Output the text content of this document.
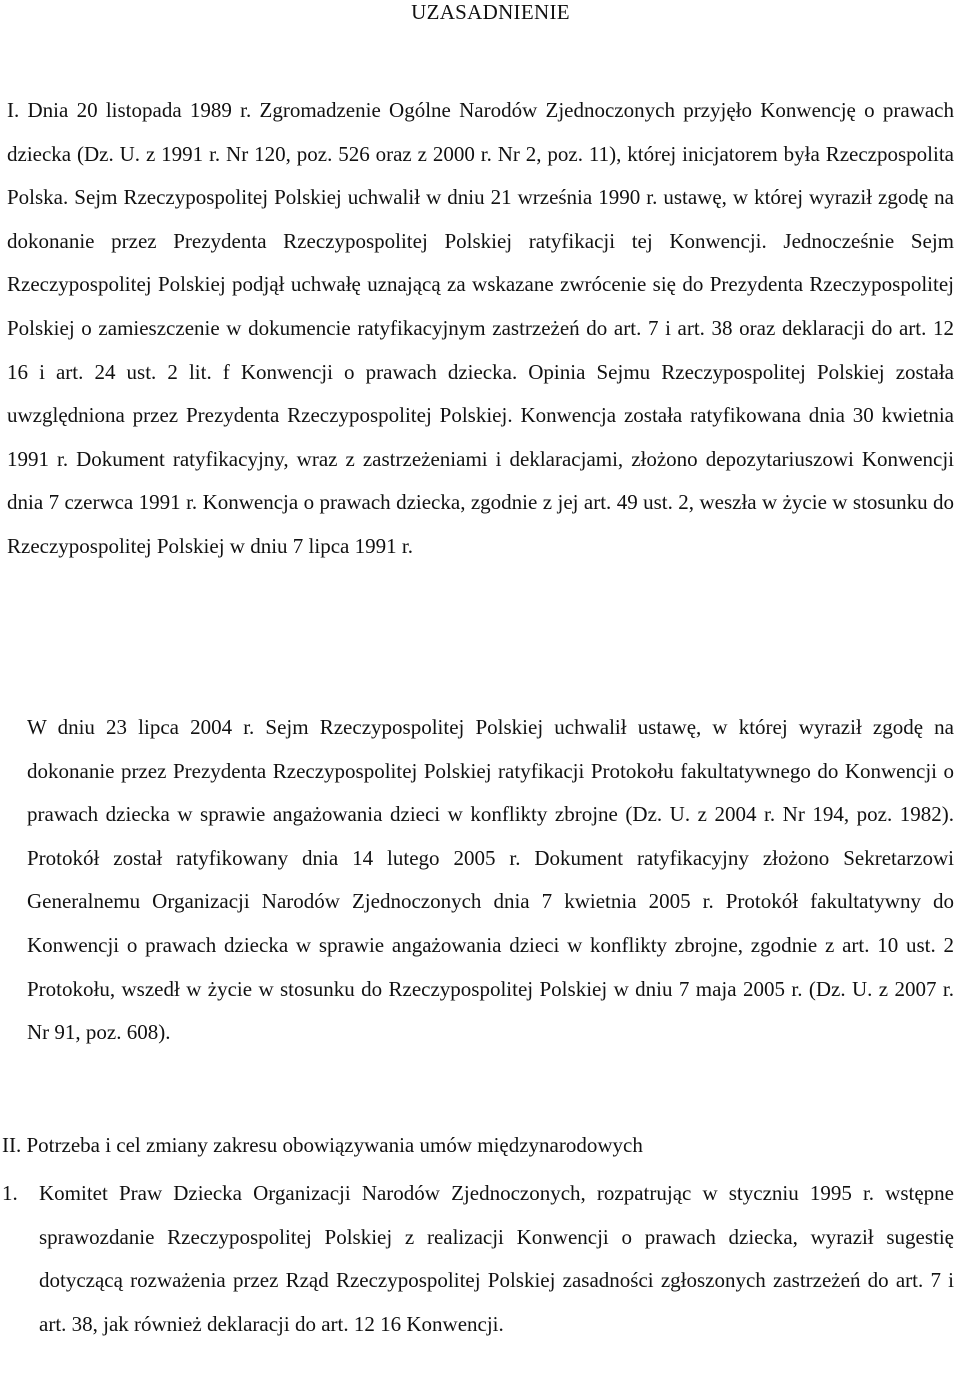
UZASADNIENIE

I. Dnia 20 listopada 1989 r. Zgromadzenie Ogólne Narodów Zjednoczonych przyjęło Konwencję o prawach dziecka (Dz. U. z 1991 r. Nr 120, poz. 526 oraz z 2000 r. Nr 2, poz. 11), której inicjatorem była Rzeczpospolita Polska. Sejm Rzeczypospolitej Polskiej uchwalił w dniu 21 września 1990 r. ustawę, w której wyraził zgodę na dokonanie przez Prezydenta Rzeczypospolitej Polskiej ratyfikacji tej Konwencji. Jednocześnie Sejm Rzeczypospolitej Polskiej podjął uchwałę uznającą za wskazane zwrócenie się do Prezydenta Rzeczypospolitej Polskiej o zamieszczenie w dokumencie ratyfikacyjnym zastrzeżeń do art. 7 i art. 38 oraz deklaracji do art. 12 16 i art. 24 ust. 2 lit. f Konwencji o prawach dziecka. Opinia Sejmu Rzeczypospolitej Polskiej została uwzględniona przez Prezydenta Rzeczypospolitej Polskiej. Konwencja została ratyfikowana dnia 30 kwietnia 1991 r. Dokument ratyfikacyjny, wraz z zastrzeżeniami i deklaracjami, złożono depozytariuszowi Konwencji dnia 7 czerwca 1991 r. Konwencja o prawach dziecka, zgodnie z jej art. 49 ust. 2, weszła w życie w stosunku do Rzeczypospolitej Polskiej w dniu 7 lipca 1991 r.

W dniu 23 lipca 2004 r. Sejm Rzeczypospolitej Polskiej uchwalił ustawę, w której wyraził zgodę na dokonanie przez Prezydenta Rzeczypospolitej Polskiej ratyfikacji Protokołu fakultatywnego do Konwencji o prawach dziecka w sprawie angażowania dzieci w konflikty zbrojne (Dz. U. z 2004 r. Nr 194, poz. 1982). Protokół został ratyfikowany dnia 14 lutego 2005 r. Dokument ratyfikacyjny złożono Sekretarzowi Generalnemu Organizacji Narodów Zjednoczonych dnia 7 kwietnia 2005 r. Protokół fakultatywny do Konwencji o prawach dziecka w sprawie angażowania dzieci w konflikty zbrojne, zgodnie z art. 10 ust. 2 Protokołu, wszedł w życie w stosunku do Rzeczypospolitej Polskiej w dniu 7 maja 2005 r. (Dz. U. z 2007 r. Nr 91, poz. 608).

II. Potrzeba i cel zmiany zakresu obowiązywania umów międzynarodowych

1. Komitet Praw Dziecka Organizacji Narodów Zjednoczonych, rozpatrując w styczniu 1995 r. wstępne sprawozdanie Rzeczypospolitej Polskiej z realizacji Konwencji o prawach dziecka, wyraził sugestię dotyczącą rozważenia przez Rząd Rzeczypospolitej Polskiej zasadności zgłoszonych zastrzeżeń do art. 7 i art. 38, jak również deklaracji do art. 12 16 Konwencji.
